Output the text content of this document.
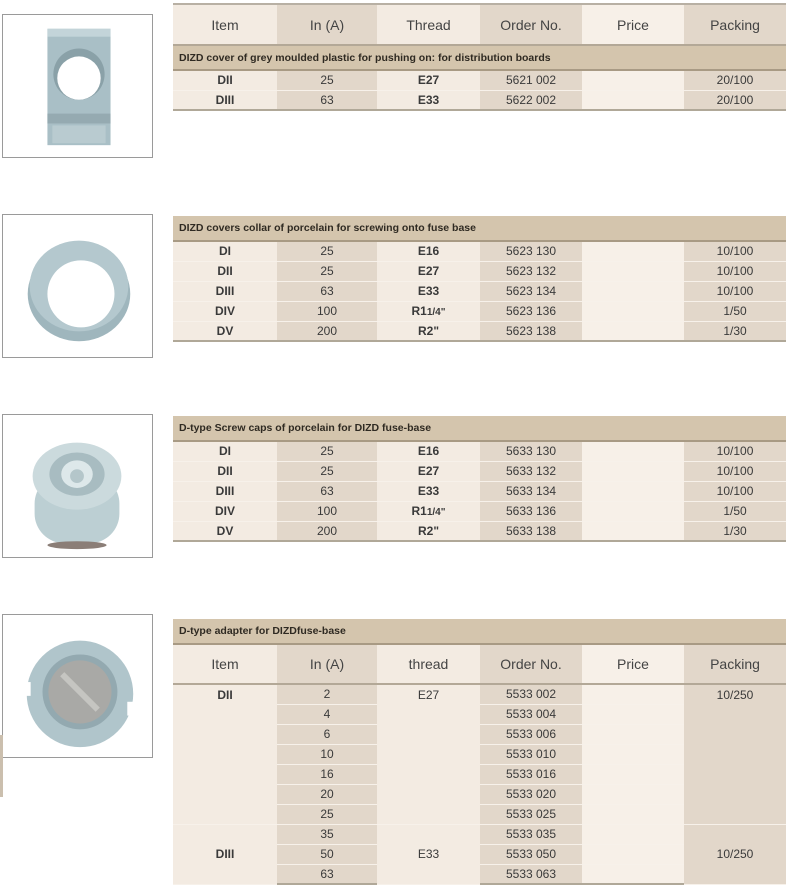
Item	In (A)	Thread	Order No.	Price	Packing
DIZD cover of grey moulded plastic for pushing on: for distribution boards					
DII	25	E27	5621 002		20/100
DIII	63	E33	5622 002		20/100
DIZD covers collar of porcelain for screwing onto fuse base					
DI	25	E16	5623 130		10/100
DII	25	E27	5623 132		10/100
DIII	63	E33	5623 134		10/100
DIV	100	R11/4"	5623 136		1/50
DV	200	R2"	5623 138		1/30
D-type Screw caps of porcelain for DIZD fuse-base					
DI	25	E16	5633 130		10/100
DII	25	E27	5633 132		10/100
DIII	63	E33	5633 134		10/100
DIV	100	R11/4"	5633 136		1/50
DV	200	R2"	5633 138		1/30
D-type adapter for DIZDfuse-base					
Item	In (A)	thread	Order No.	Price	Packing
DII	2	E27	5533 002		10/250
	4		5533 004		
	6		5533 006		
	10		5533 010		
	16		5533 016		
	20		5533 020		
	25		5533 025		
DIII	35	E33	5533 035		10/250
	50		5533 050		
	63		5533 063		
